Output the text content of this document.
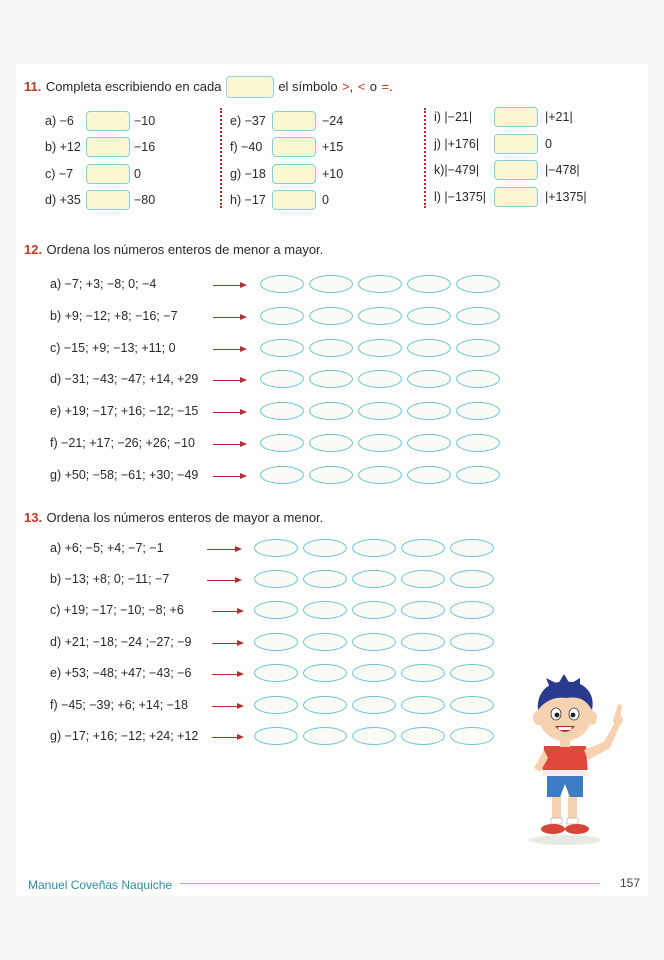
11. Completa escribiendo en cada	el símbolo >, < o =.
a) −6	−10
b) +12	−16
c) −7	0
d) +35	−80
e) −37	−24
f) −40	+15
g) −18	+10
h) −17	0
i) |−21|	|+21|
j) |+176|	0
k)|−479|	|−478|
l) |−1375|	|+1375|
12. Ordena los números enteros de menor a mayor.
a) −7; +3; −8; 0; −4
b) +9; −12; +8; −16; −7
c) −15; +9; −13; +11; 0
d) −31; −43; −47; +14, +29
e) +19; −17; +16; −12; −15
f) −21; +17; −26; +26; −10
g) +50; −58; −61; +30; −49
13. Ordena los números enteros de mayor a menor.
a) +6; −5; +4; −7; −1
b) −13; +8; 0; −11; −7
c) +19; −17; −10; −8; +6
d) +21; −18; −24 ;−27; −9
e) +53; −48; +47; −43; −6
f) −45; −39; +6; +14; −18
g) −17; +16; −12; +24; +12
Manuel Coveñas Naquiche	157
